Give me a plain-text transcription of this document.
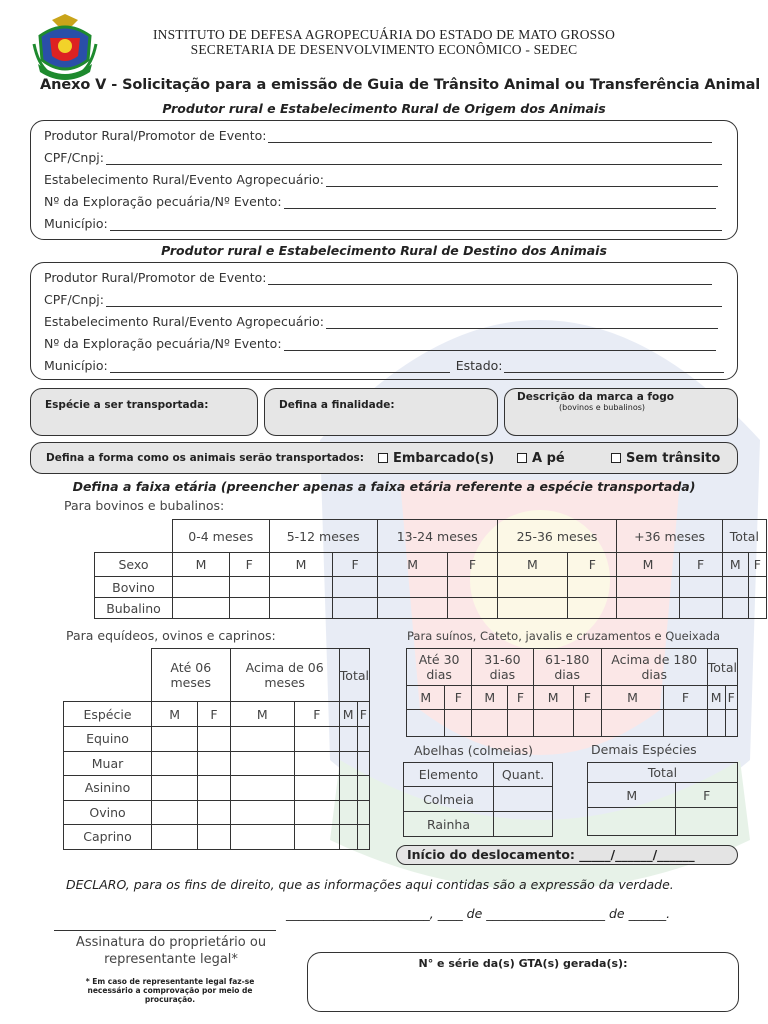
INSTITUTO DE DEFESA AGROPECUÁRIA DO ESTADO DE MATO GROSSO
SECRETARIA DE DESENVOLVIMENTO ECONÔMICO - SEDEC
Anexo V - Solicitação para a emissão de Guia de Trânsito Animal ou Transferência Animal
Produtor rural e Estabelecimento Rural de Origem dos Animais
Produtor Rural/Promotor de Evento:
CPF/Cnpj:
Estabelecimento Rural/Evento Agropecuário:
Nº da Exploração pecuária/Nº Evento:
Município:
Produtor rural e Estabelecimento Rural de Destino dos Animais
Produtor Rural/Promotor de Evento:
CPF/Cnpj:
Estabelecimento Rural/Evento Agropecuário:
Nº da Exploração pecuária/Nº Evento:
Município:	Estado:
Espécie a ser transportada:	Defina a finalidade:
Descrição da marca a fogo
(bovinos e bubalinos)
Defina a forma como os animais serão transportados:	Embarcado(s)	A pé	Sem trânsito
Defina a faixa etária (preencher apenas a faixa etária referente a espécie transportada)
Para bovinos e bubalinos:
	0-4 meses		5-12 meses		13-24 meses		25-36 meses		+36 meses		Total	
Sexo	M	F	M	F	M	F	M	F	M	F	M	F
Bovino												
Bubalino												
Para equídeos, ovinos e caprinos:
	Até 06 meses		Acima de 06 meses		Total	
Espécie	M	F	M	F	M	F
Equino						
Muar						
Asinino						
Ovino						
Caprino						
Para suínos, Cateto, javalis e cruzamentos e Queixada
Até 30 dias		31-60 dias		61-180 dias		Acima de 180 dias		Total	
M	F	M	F	M	F	M	F	M	F

Abelhas (colmeias)
Elemento	Quant.
Colmeia	
Rainha	
Demais Espécies
Total	
M	F

Início do deslocamento: _____/______/______
DECLARO, para os fins de direito, que as informações aqui contidas são a expressão da verdade.
_______________________, ____ de ___________________ de ______.
Assinatura do proprietário ou representante legal*
* Em caso de representante legal faz-se necessário a comprovação por meio de procuração.
N° e série da(s) GTA(s) gerada(s):
